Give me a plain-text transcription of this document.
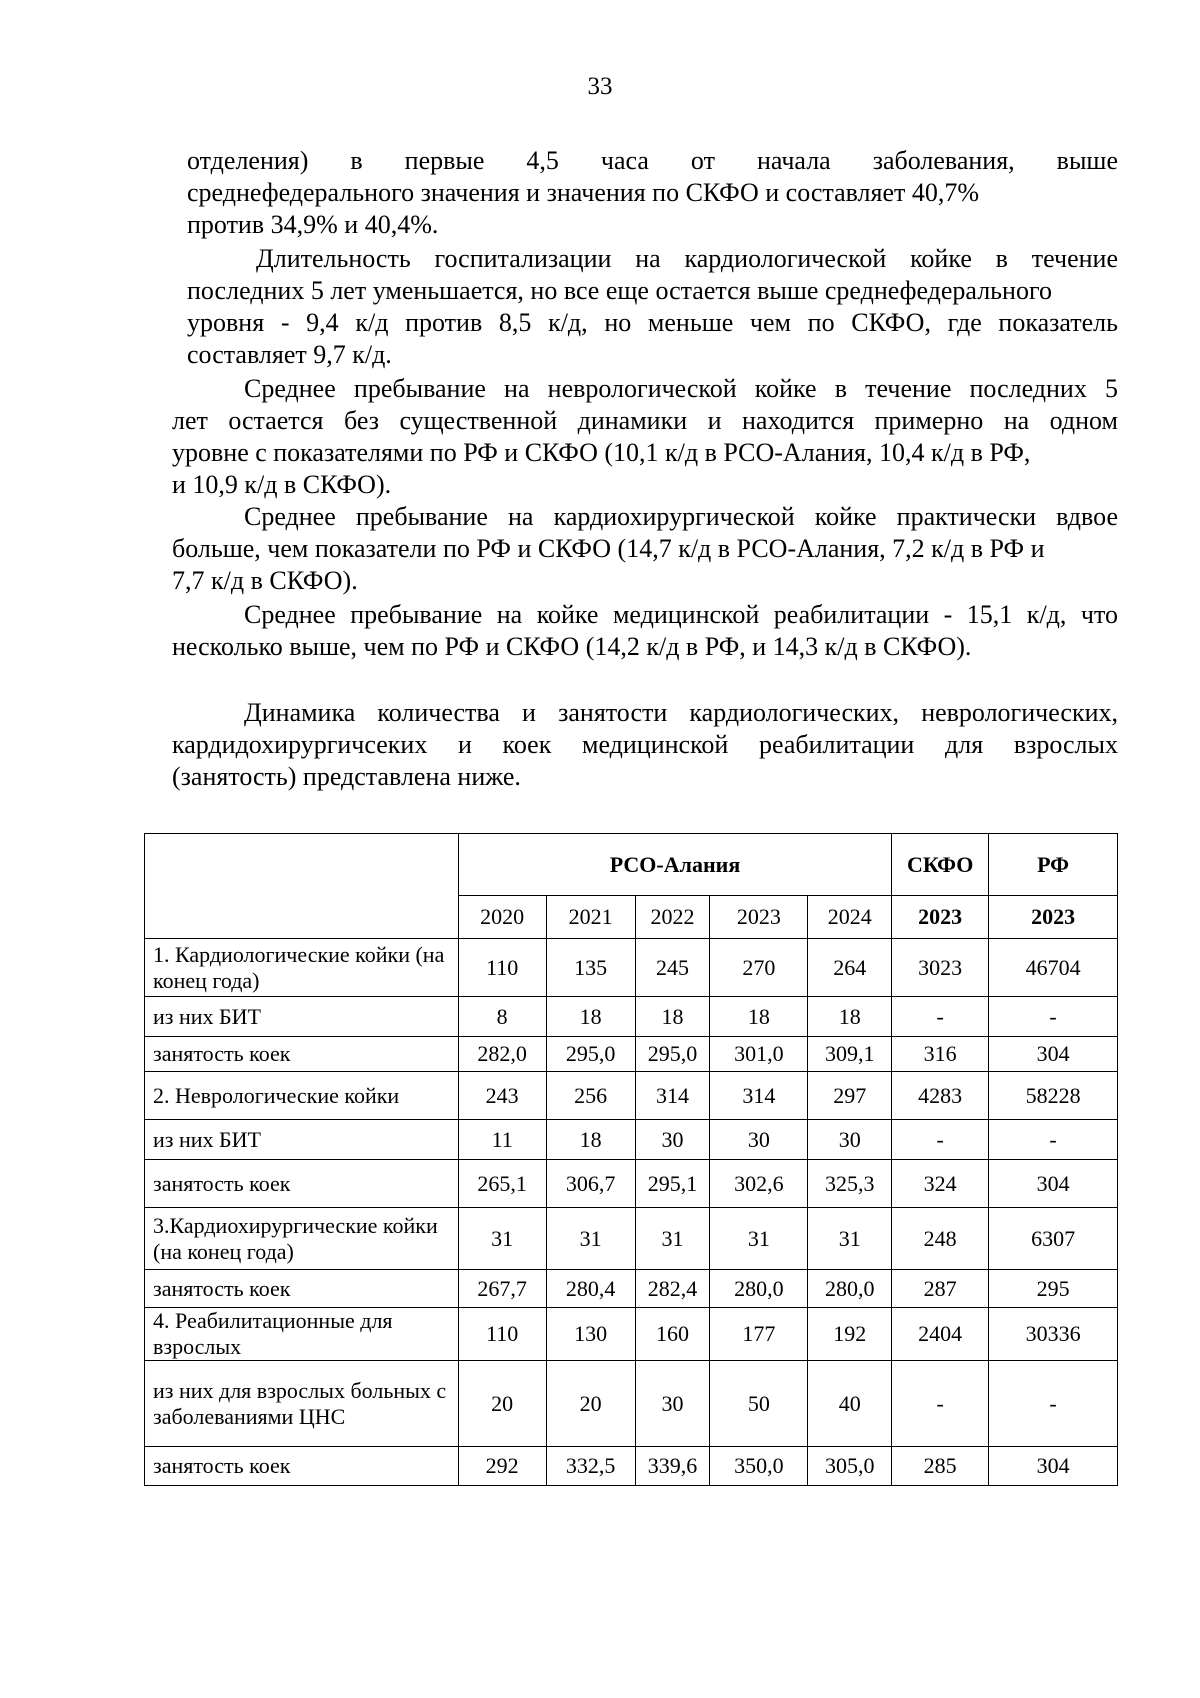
33
отделения) в первые 4,5 часа от начала заболевания, выше
среднефедерального значения и значения по СКФО и составляет 40,7%
против 34,9% и 40,4%.
Длительность госпитализации на кардиологической койке в течение
последних 5 лет уменьшается, но все еще остается выше среднефедерального
уровня - 9,4 к/д против 8,5 к/д, но меньше чем по СКФО, где показатель
составляет 9,7 к/д.
Среднее пребывание на неврологической койке в течение последних 5
лет остается без существенной динамики и находится примерно на одном
уровне с показателями по РФ и СКФО (10,1 к/д в РСО-Алания, 10,4 к/д в РФ,
и 10,9 к/д в СКФО).
Среднее пребывание на кардиохирургической койке практически вдвое
больше, чем показатели по РФ и СКФО (14,7 к/д в РСО-Алания, 7,2 к/д в РФ и
7,7 к/д в СКФО).
Среднее пребывание на койке медицинской реабилитации - 15,1 к/д, что
несколько выше, чем по РФ и СКФО (14,2 к/д в РФ, и 14,3 к/д в СКФО).
Динамика количества и занятости кардиологических, неврологических,
кардидохирургичсеких и коек медицинской реабилитации для взрослых
(занятость) представлена ниже.
	РСО-Алания					СКФО	РФ
	2020	2021	2022	2023	2024	2023	2023
1. Кардиологические койки (на конец года)	110	135	245	270	264	3023	46704
из них БИТ	8	18	18	18	18	-	-
занятость коек	282,0	295,0	295,0	301,0	309,1	316	304
2. Неврологические койки	243	256	314	314	297	4283	58228
из них БИТ	11	18	30	30	30	-	-
занятость коек	265,1	306,7	295,1	302,6	325,3	324	304
3.Кардиохирургические койки (на конец года)	31	31	31	31	31	248	6307
занятость коек	267,7	280,4	282,4	280,0	280,0	287	295
4. Реабилитационные для взрослых	110	130	160	177	192	2404	30336
из них для взрослых больных с заболеваниями ЦНС	20	20	30	50	40	-	-
занятость коек	292	332,5	339,6	350,0	305,0	285	304
